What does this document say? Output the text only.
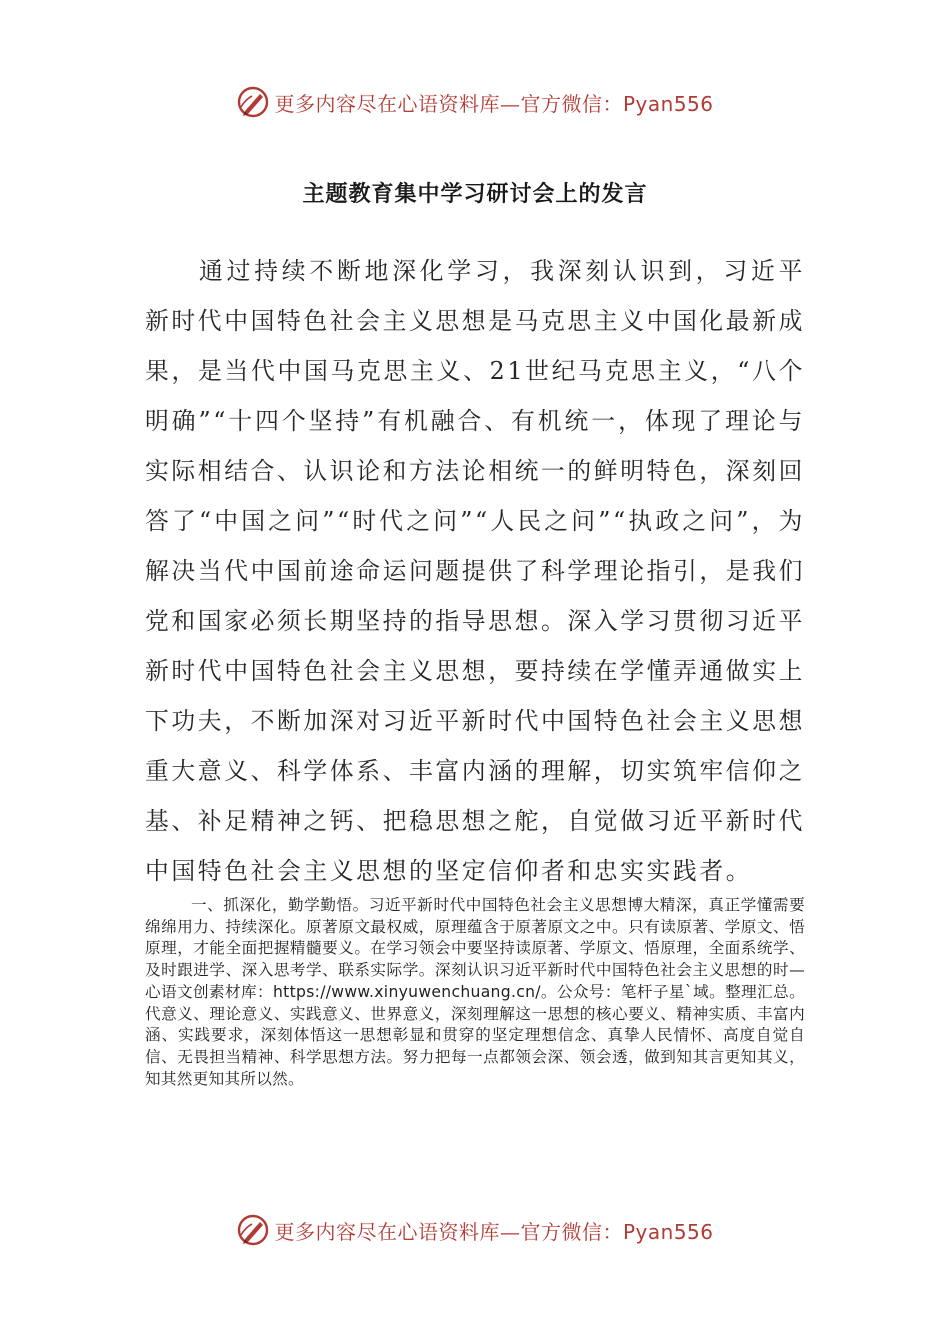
更多内容尽在心语资料库—官方微信：Pyan556
主题教育集中学习研讨会上的发言

通过持续不断地深化学习，我深刻认识到，习近平新时代中国特色社会主义思想是马克思主义中国化最新成果，是当代中国马克思主义、21世纪马克思主义，“八个明确”“十四个坚持”有机融合、有机统一，体现了理论与实际相结合、认识论和方法论相统一的鲜明特色，深刻回答了“中国之问”“时代之问”“人民之问”“执政之问”，为解决当代中国前途命运问题提供了科学理论指引，是我们党和国家必须长期坚持的指导思想。深入学习贯彻习近平新时代中国特色社会主义思想，要持续在学懂弄通做实上下功夫，不断加深对习近平新时代中国特色社会主义思想重大意义、科学体系、丰富内涵的理解，切实筑牢信仰之基、补足精神之钙、把稳思想之舵，自觉做习近平新时代中国特色社会主义思想的坚定信仰者和忠实实践者。

一、抓深化，勤学勤悟。习近平新时代中国特色社会主义思想博大精深，真正学懂需要绵绵用力、持续深化。原著原文最权威，原理蕴含于原著原文之中。只有读原著、学原文、悟原理，才能全面把握精髓要义。在学习领会中要坚持读原著、学原文、悟原理，全面系统学、及时跟进学、深入思考学、联系实际学。深刻认识习近平新时代中国特色社会主义思想的时—心语文创素材库：https://www.xinyuwenchuang.cn/。公众号：笔杆子星`域。整理汇总。代意义、理论意义、实践意义、世界意义，深刻理解这一思想的核心要义、精神实质、丰富内涵、实践要求，深刻体悟这一思想彰显和贯穿的坚定理想信念、真挚人民情怀、高度自觉自信、无畏担当精神、科学思想方法。努力把每一点都领会深、领会透，做到知其言更知其义，知其然更知其所以然。

更多内容尽在心语资料库—官方微信：Pyan556
